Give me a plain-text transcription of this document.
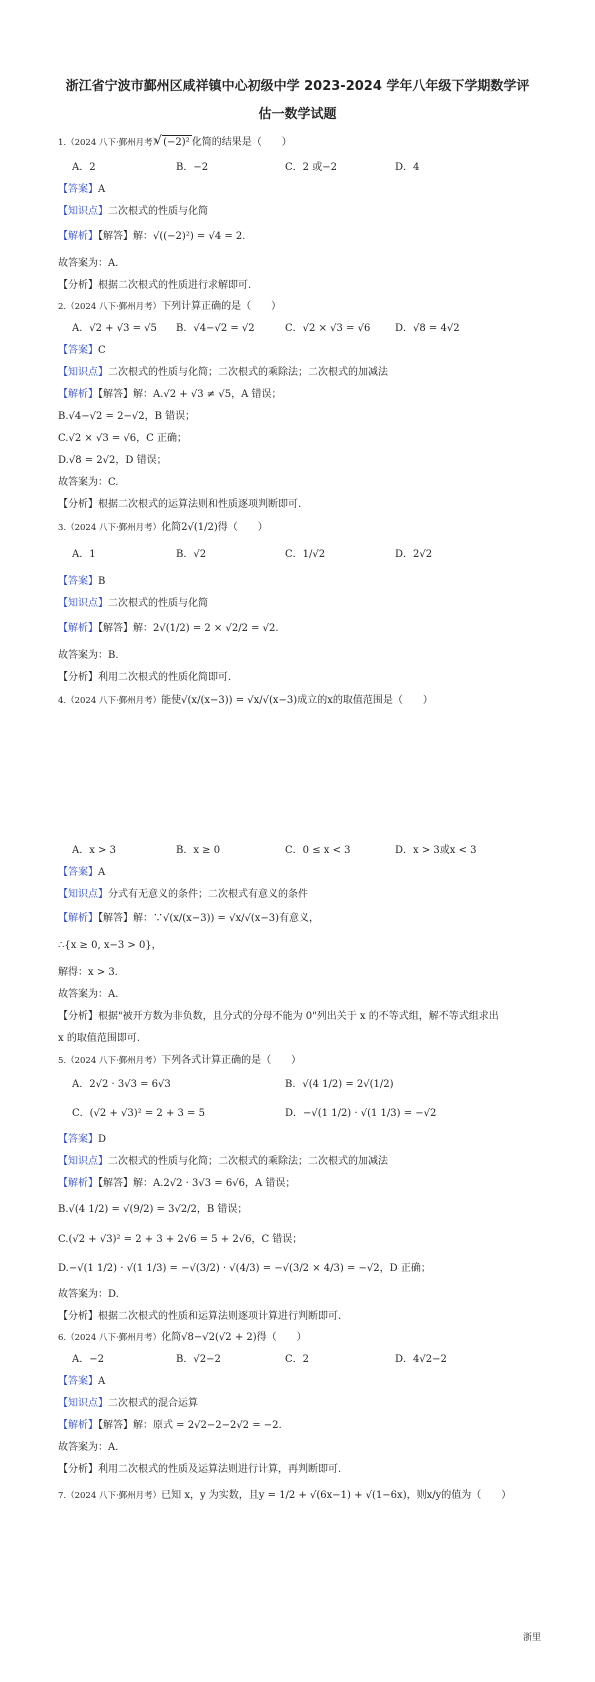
浙江省宁波市鄞州区咸祥镇中心初级中学 2023-2024 学年八年级下学期数学评
估一数学试题
1.（2024 八下·鄞州月考）√ (−2)² 化简的结果是（　　）
A．2	B．−2	C．2 或−2	D．4
【答案】A
【知识点】二次根式的性质与化简
【解析】【解答】解：√((−2)²) = √4 = 2.
故答案为：A.
【分析】根据二次根式的性质进行求解即可.
2.（2024 八下·鄞州月考）下列计算正确的是（　　）
A．√2 + √3 = √5 B．√4−√2 = √2	C．√2 × √3 = √6 D．√8 = 4√2
【答案】C
【知识点】二次根式的性质与化简；二次根式的乘除法；二次根式的加减法
【解析】【解答】解：A.√2 + √3 ≠ √5，A 错误；
B.√4−√2 = 2−√2，B 错误；
C.√2 × √3 = √6，C 正确；
D.√8 = 2√2，D 错误；
故答案为：C.
【分析】根据二次根式的运算法则和性质逐项判断即可.
3.（2024 八下·鄞州月考）化简2√(1/2)得（　　）
A．1	B．√2	C．1/√2	D．2√2
【答案】B
【知识点】二次根式的性质与化简
【解析】【解答】解：2√(1/2) = 2 × √2/2 = √2.
故答案为：B.
【分析】利用二次根式的性质化简即可.
4.（2024 八下·鄞州月考）能使√(x/(x−3)) = √x/√(x−3)成立的x的取值范围是（　　）
A．x > 3	B．x ≥ 0	C．0 ≤ x < 3	D．x > 3或x < 3
【答案】A
【知识点】分式有无意义的条件；二次根式有意义的条件
【解析】【解答】解：∵√(x/(x−3)) = √x/√(x−3)有意义，
∴{x ≥ 0, x−3 > 0}，
解得：x > 3.
故答案为：A.
【分析】根据"被开方数为非负数，且分式的分母不能为 0"列出关于 x 的不等式组，解不等式组求出
x 的取值范围即可.
5.（2024 八下·鄞州月考）下列各式计算正确的是（　　）
A．2√2 · 3√3 = 6√3	B．√(4 1/2) = 2√(1/2)
C．(√2 + √3)² = 2 + 3 = 5	D．−√(1 1/2) · √(1 1/3) = −√2
【答案】D
【知识点】二次根式的性质与化简；二次根式的乘除法；二次根式的加减法
【解析】【解答】解：A.2√2 · 3√3 = 6√6，A 错误；
B.√(4 1/2) = √(9/2) = 3√2/2，B 错误；
C.(√2 + √3)² = 2 + 3 + 2√6 = 5 + 2√6，C 错误；
D.−√(1 1/2) · √(1 1/3) = −√(3/2) · √(4/3) = −√(3/2 × 4/3) = −√2，D 正确；
故答案为：D.
【分析】根据二次根式的性质和运算法则逐项计算进行判断即可.
6.（2024 八下·鄞州月考）化简√8−√2(√2 + 2)得（　　）
A．−2	B．√2−2	C．2	D．4√2−2
【答案】A
【知识点】二次根式的混合运算
【解析】【解答】解：原式 = 2√2−2−2√2 = −2.
故答案为：A.
【分析】利用二次根式的性质及运算法则进行计算，再判断即可.
7.（2024 八下·鄞州月考）已知 x，y 为实数，且y = 1/2 + √(6x−1) + √(1−6x)，则x/y的值为（　　）
浙里
